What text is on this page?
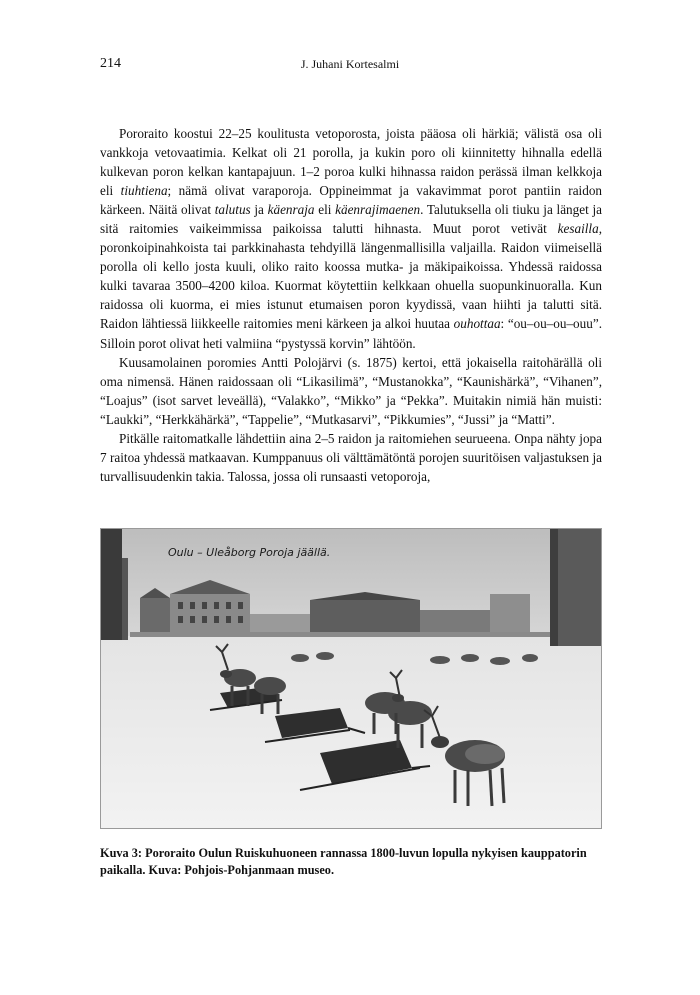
214	J. Juhani Kortesalmi

Pororaito koostui 22–25 koulitusta vetoporosta, joista pääosa oli härkiä; välistä osa oli vankkoja vetovaatimia. Kelkat oli 21 porolla, ja kukin poro oli kiinnitetty hihnalla edellä kulkevan poron kelkan kantapajuun. 1–2 poroa kulki hihnassa raidon perässä ilman kelkkoja eli tiuhtiena; nämä olivat varaporoja. Oppineimmat ja vakavimmat porot pantiin raidon kärkeen. Näitä olivat talutus ja käenraja eli käenrajimaenen. Talutuksella oli tiuku ja länget ja sitä raitomies vaikeimmissa paikoissa talutti hihnasta. Muut porot vetivät kesailla, poronkoipinahkoista tai parkkinahasta tehdyillä längenmallisilla valjailla. Raidon viimeisellä porolla oli kello josta kuuli, oliko raito koossa mutka- ja mäkipaikoissa. Yhdessä raidossa kulki tavaraa 3500–4200 kiloa. Kuormat köytettiin kelkkaan ohuella suopunkinuoralla. Kun raidossa oli kuorma, ei mies istunut etumaisen poron kyydissä, vaan hiihti ja talutti sitä. Raidon lähtiessä liikkeelle raitomies meni kärkeen ja alkoi huutaa ouhottaa: “ou–ou–ou–ouu”. Silloin porot olivat heti valmiina “pystyssä korvin” lähtöön.

Kuusamolainen poromies Antti Polojärvi (s. 1875) kertoi, että jokaisella raitohärällä oli oma nimensä. Hänen raidossaan oli “Likasilimä”, “Mustanokka”, “Kaunishärkä”, “Vihanen”, “Loajus” (isot sarvet leveällä), “Valakko”, “Mikko” ja “Pekka”. Muitakin nimiä hän muisti: “Laukki”, “Herkkähärkä”, “Tappelie”, “Mutkasarvi”, “Pikkumies”, “Jussi” ja “Matti”.

Pitkälle raitomatkalle lähdettiin aina 2–5 raidon ja raitomiehen seurueena. Onpa nähty jopa 7 raitoa yhdessä matkaavan. Kumppanuus oli välttämätöntä porojen suuritöisen valjastuksen ja turvallisuudenkin takia. Talossa, jossa oli runsaasti vetoporoja,

Oulu – Uleåborg Poroja jäällä.
Kuva 3: Pororaito Oulun Ruiskuhuoneen rannassa 1800-luvun lopulla nykyisen kauppatorin paikalla. Kuva: Pohjois-Pohjanmaan museo.
